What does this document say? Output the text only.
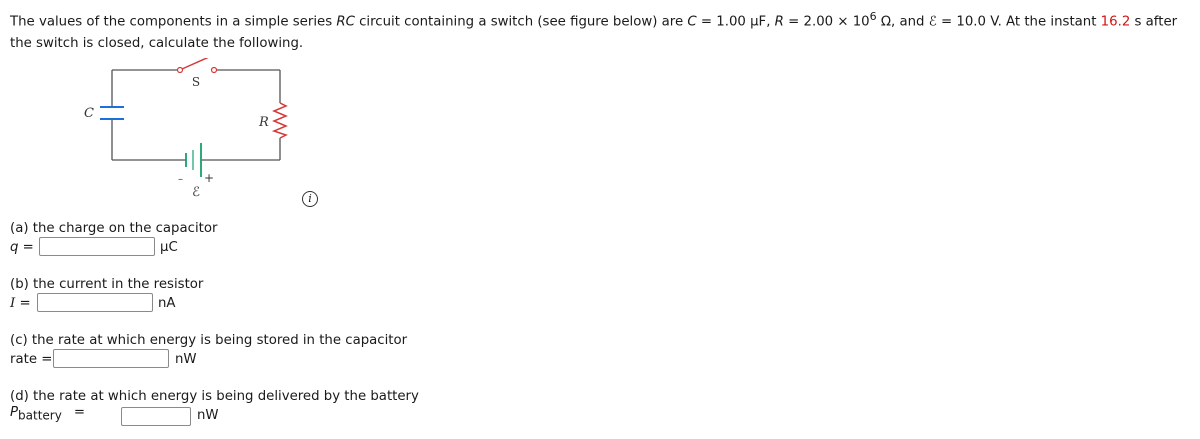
The values of the components in a simple series RC circuit containing a switch (see figure below) are C = 1.00 μF, $R = 2.00 \times 10^6$ Ω, and ℰ = 10.0 V. At the instant 16.2 s after the switch is closed, calculate the following.
S
C
R
– +
ℰ	i
(a) the charge on the capacitor
q =	μC
(b) the current in the resistor
I =	nA
(c) the rate at which energy is being stored in the capacitor
rate =	nW
(d) the rate at which energy is being delivered by the battery
$P_{battery}$ =	nW
